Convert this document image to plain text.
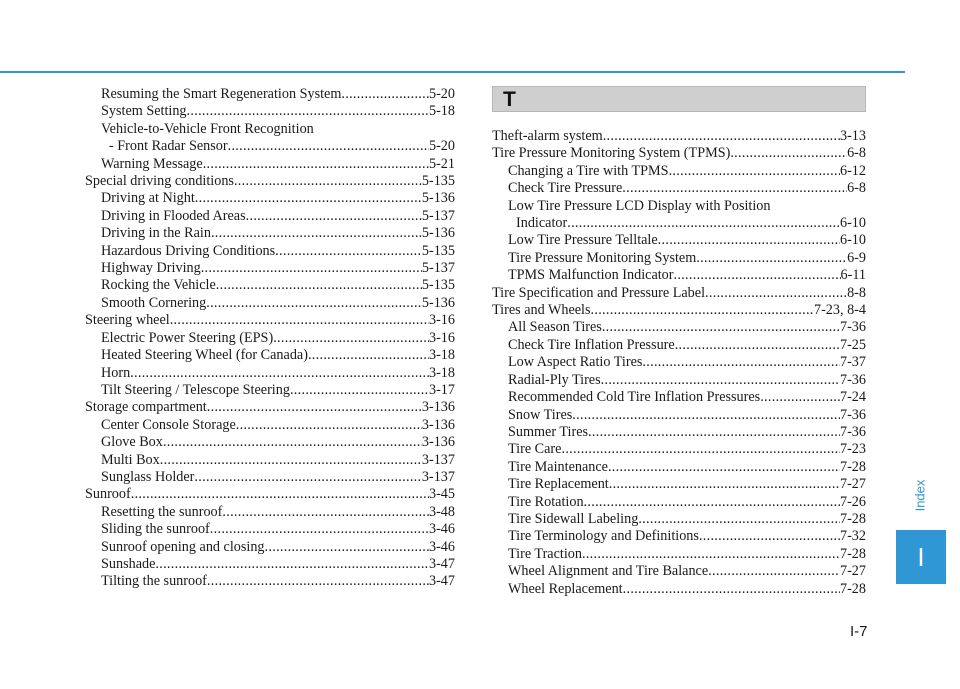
Resuming the Smart Regeneration System .....	5-20
System Setting .....	5-18
Vehicle-to-Vehicle Front Recognition
- Front Radar Sensor .....	5-20
Warning Message .....	5-21
Special driving conditions .....	5-135
Driving at Night .....	5-136
Driving in Flooded Areas .....	5-137
Driving in the Rain .....	5-136
Hazardous Driving Conditions .....	5-135
Highway Driving .....	5-137
Rocking the Vehicle .....	5-135
Smooth Cornering .....	5-136
Steering wheel .....	3-16
Electric Power Steering (EPS) .....	3-16
Heated Steering Wheel (for Canada) .....	3-18
Horn .....	3-18
Tilt Steering / Telescope Steering .....	3-17
Storage compartment .....	3-136
Center Console Storage .....	3-136
Glove Box .....	3-136
Multi Box .....	3-137
Sunglass Holder .....	3-137
Sunroof .....	3-45
Resetting the sunroof .....	3-48
Sliding the sunroof .....	3-46
Sunroof opening and closing .....	3-46
Sunshade .....	3-47
Tilting the sunroof .....	3-47
T
Theft-alarm system .....	3-13
Tire Pressure Monitoring System (TPMS) .....	6-8
Changing a Tire with TPMS .....	6-12
Check Tire Pressure .....	6-8
Low Tire Pressure LCD Display with Position
Indicator .....	6-10
Low Tire Pressure Telltale .....	6-10
Tire Pressure Monitoring System .....	6-9
TPMS Malfunction Indicator .....	6-11
Tire Specification and Pressure Label .....	8-8
Tires and Wheels .....	7-23, 8-4
All Season Tires .....	7-36
Check Tire Inflation Pressure .....	7-25
Low Aspect Ratio Tires .....	7-37
Radial-Ply Tires .....	7-36
Recommended Cold Tire Inflation Pressures .....	7-24
Snow Tires .....	7-36
Summer Tires .....	7-36
Tire Care .....	7-23
Tire Maintenance .....	7-28
Tire Replacement .....	7-27
Tire Rotation .....	7-26
Tire Sidewall Labeling .....	7-28
Tire Terminology and Definitions .....	7-32
Tire Traction .....	7-28
Wheel Alignment and Tire Balance .....	7-27
Wheel Replacement .....	7-28
Index
I
I-7
